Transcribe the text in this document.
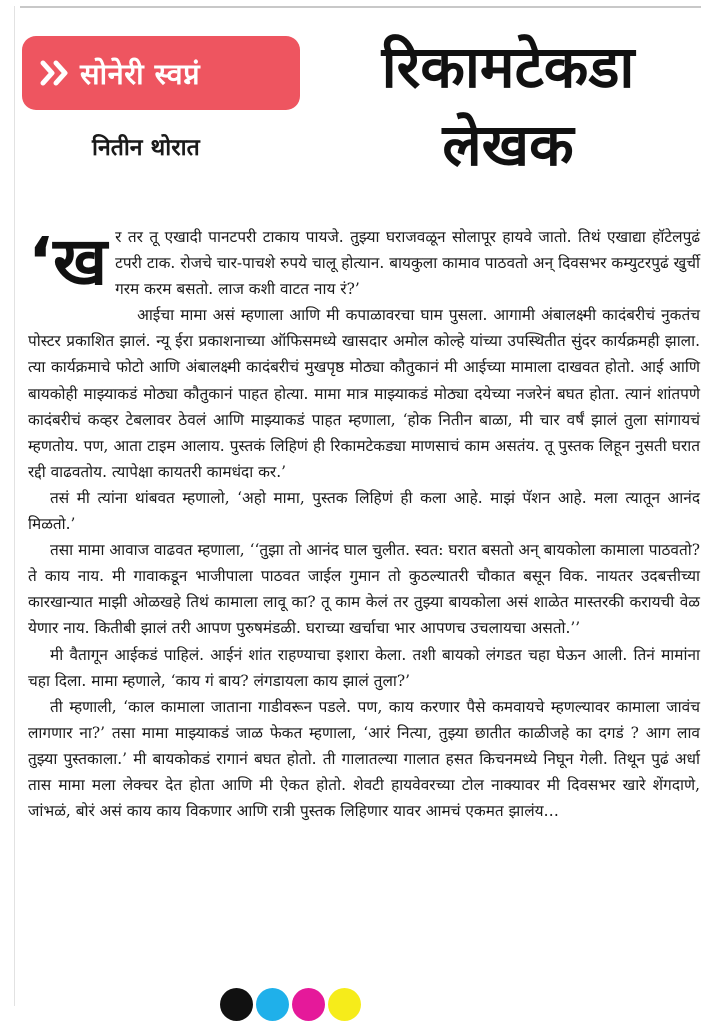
सोनेरी स्वप्नं
नितीन थोरात
रिकामटेकडा
लेखक

‘खर तर तू एखादी पानटपरी टाकाय पायजे. तुझ्या घराजवळून सोलापूर हायवे जातो. तिथं एखाद्या हॉटेलपुढं टपरी टाक. रोजचे चार-पाचशे रुपये चालू होत्यान. बायकुला कामाव पाठवतो अन् दिवसभर कम्युटरपुढं खुर्ची गरम करम बसतो. लाज कशी वाटत नाय रं?’

आईचा मामा असं म्हणाला आणि मी कपाळावरचा घाम पुसला. आगामी अंबालक्ष्मी कादंबरीचं नुकतंच पोस्टर प्रकाशित झालं. न्यू ईरा प्रकाशनाच्या ऑफिसमध्ये खासदार अमोल कोल्हे यांच्या उपस्थितीत सुंदर कार्यक्रमही झाला. त्या कार्यक्रमाचे फोटो आणि अंबालक्ष्मी कादंबरीचं मुखपृष्ठ मोठ्या कौतुकानं मी आईच्या मामाला दाखवत होतो. आई आणि बायकोही माझ्याकडं मोठ्या कौतुकानं पाहत होत्या. मामा मात्र माझ्याकडं मोठ्या दयेच्या नजरेनं बघत होता. त्यानं शांतपणे कादंबरीचं कव्हर टेबलावर ठेवलं आणि माझ्याकडं पाहत म्हणाला, ‘होक नितीन बाळा, मी चार वर्षं झालं तुला सांगायचं म्हणतोय. पण, आता टाइम आलाय. पुस्तकं लिहिणं ही रिकामटेकड्या माणसाचं काम असतंय. तू पुस्तक लिहून नुसती घरात रद्दी वाढवतोय. त्यापेक्षा कायतरी कामधंदा कर.’

तसं मी त्यांना थांबवत म्हणालो, ‘अहो मामा, पुस्तक लिहिणं ही कला आहे. माझं पॅशन आहे. मला त्यातून आनंद मिळतो.’

तसा मामा आवाज वाढवत म्हणाला, ‘‘तुझा तो आनंद घाल चुलीत. स्वत: घरात बसतो अन् बायकोला कामाला पाठवतो? ते काय नाय. मी गावाकडून भाजीपाला पाठवत जाईल गुमान तो कुठल्यातरी चौकात बसून विक. नायतर उदबत्तीच्या कारखान्यात माझी ओळखहे तिथं कामाला लावू का? तू काम केलं तर तुझ्या बायकोला असं शाळेत मास्तरकी करायची वेळ येणार नाय. कितीबी झालं तरी आपण पुरुषमंडळी. घराच्या खर्चाचा भार आपणच उचलायचा असतो.’’

मी वैतागून आईकडं पाहिलं. आईनं शांत राहण्याचा इशारा केला. तशी बायको लंगडत चहा घेऊन आली. तिनं मामांना चहा दिला. मामा म्हणाले, ‘काय गं बाय? लंगडायला काय झालं तुला?’

ती म्हणाली, ‘काल कामाला जाताना गाडीवरून पडले. पण, काय करणार पैसे कमवायचे म्हणल्यावर कामाला जावंच लागणार ना?’ तसा मामा माझ्याकडं जाळ फेकत म्हणाला, ‘आरं नित्या, तुझ्या छातीत काळीजहे का दगडं ? आग लाव तुझ्या पुस्तकाला.’ मी बायकोकडं रागानं बघत होतो. ती गालातल्या गालात हसत किचनमध्ये निघून गेली. तिथून पुढं अर्धा तास मामा मला लेक्चर देत होता आणि मी ऐकत होतो. शेवटी हायवेवरच्या टोल नाक्यावर मी दिवसभर खारे शेंगदाणे, जांभळं, बोरं असं काय काय विकणार आणि रात्री पुस्तक लिहिणार यावर आमचं एकमत झालंय…
